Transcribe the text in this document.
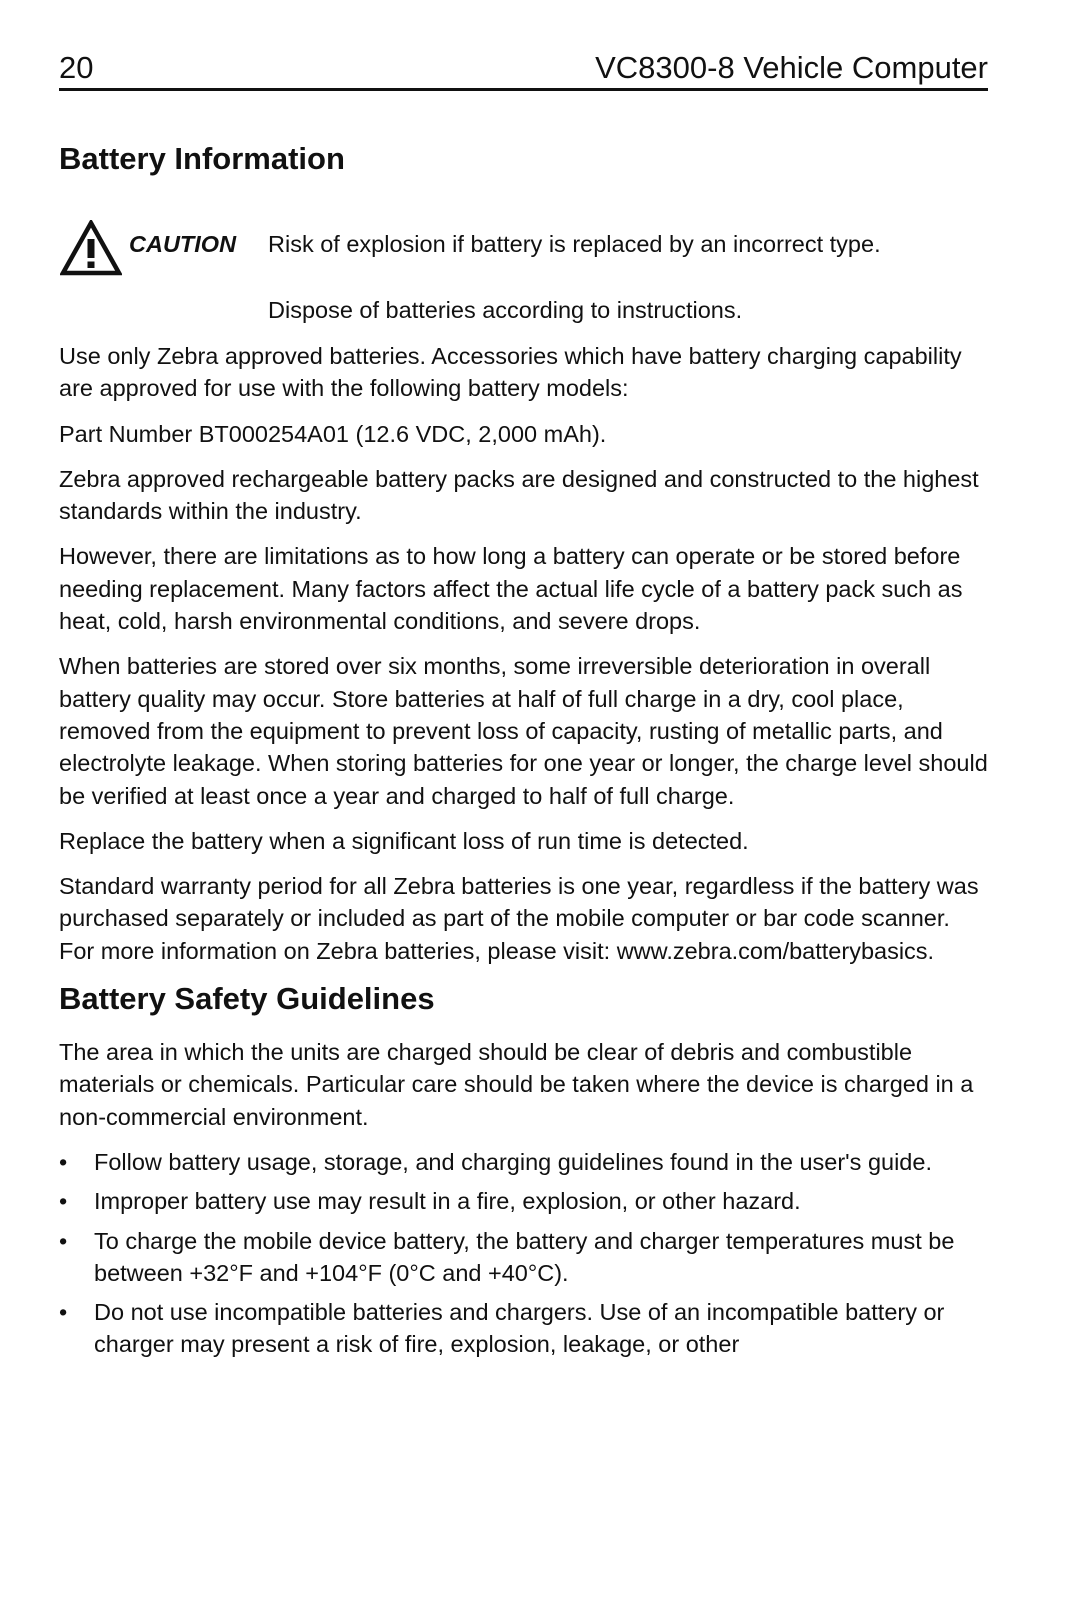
20	VC8300-8 Vehicle Computer
Battery Information
CAUTION Risk of explosion if battery is replaced by an incorrect type.

Dispose of batteries according to instructions.

Use only Zebra approved batteries. Accessories which have battery charging capability are approved for use with the following battery models:

Part Number BT000254A01 (12.6 VDC, 2,000 mAh).

Zebra approved rechargeable battery packs are designed and constructed to the highest standards within the industry.

However, there are limitations as to how long a battery can operate or be stored before needing replacement. Many factors affect the actual life cycle of a battery pack such as heat, cold, harsh environmental conditions, and severe drops.

When batteries are stored over six months, some irreversible deterioration in overall battery quality may occur. Store batteries at half of full charge in a dry, cool place, removed from the equipment to prevent loss of capacity, rusting of metallic parts, and electrolyte leakage. When storing batteries for one year or longer, the charge level should be verified at least once a year and charged to half of full charge.

Replace the battery when a significant loss of run time is detected.

Standard warranty period for all Zebra batteries is one year, regardless if the battery was purchased separately or included as part of the mobile computer or bar code scanner. For more information on Zebra batteries, please visit: www.zebra.com/batterybasics.

Battery Safety Guidelines

The area in which the units are charged should be clear of debris and combustible materials or chemicals. Particular care should be taken where the device is charged in a non-commercial environment.

• Follow battery usage, storage, and charging guidelines found in the user's guide.
• Improper battery use may result in a fire, explosion, or other hazard.
• To charge the mobile device battery, the battery and charger temperatures must be between +32°F and +104°F (0°C and +40°C).
• Do not use incompatible batteries and chargers. Use of an incompatible battery or charger may present a risk of fire, explosion, leakage, or other
